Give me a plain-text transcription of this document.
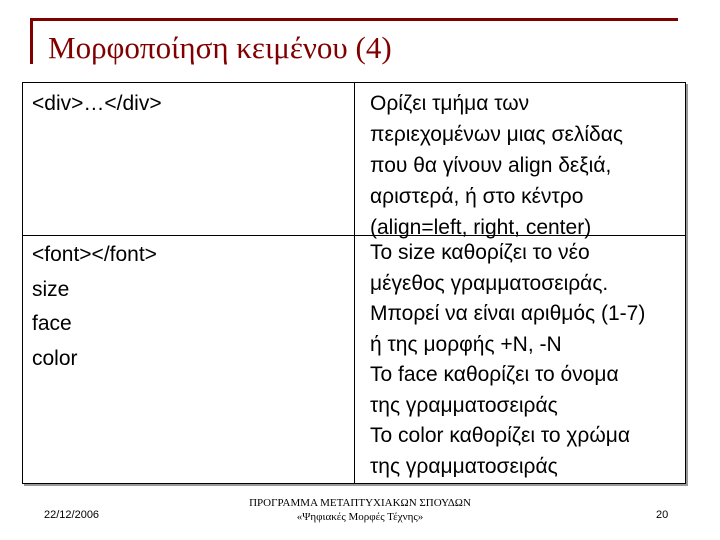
Μορφοποίηση κειμένου (4)
<div>…</div>	Ορίζει τμήμα των
περιεχομένων μιας σελίδας
που θα γίνουν align δεξιά,
αριστερά, ή στο κέντρο
(align=left, right, center)
<font></font>
size
face
color
To size καθορίζει το νέο
μέγεθος γραμματοσειράς.
Μπορεί να είναι αριθμός (1-7)
ή της μορφής +N, -N
Το face καθορίζει το όνομα
της γραμματοσειράς
Το color καθορίζει το χρώμα
της γραμματοσειράς
22/12/2006
ΠΡΟΓΡΑΜΜΑ ΜΕΤΑΠΤΥΧΙΑΚΩΝ ΣΠΟΥΔΩΝ
«Ψηφιακές Μορφές Τέχνης»	20
